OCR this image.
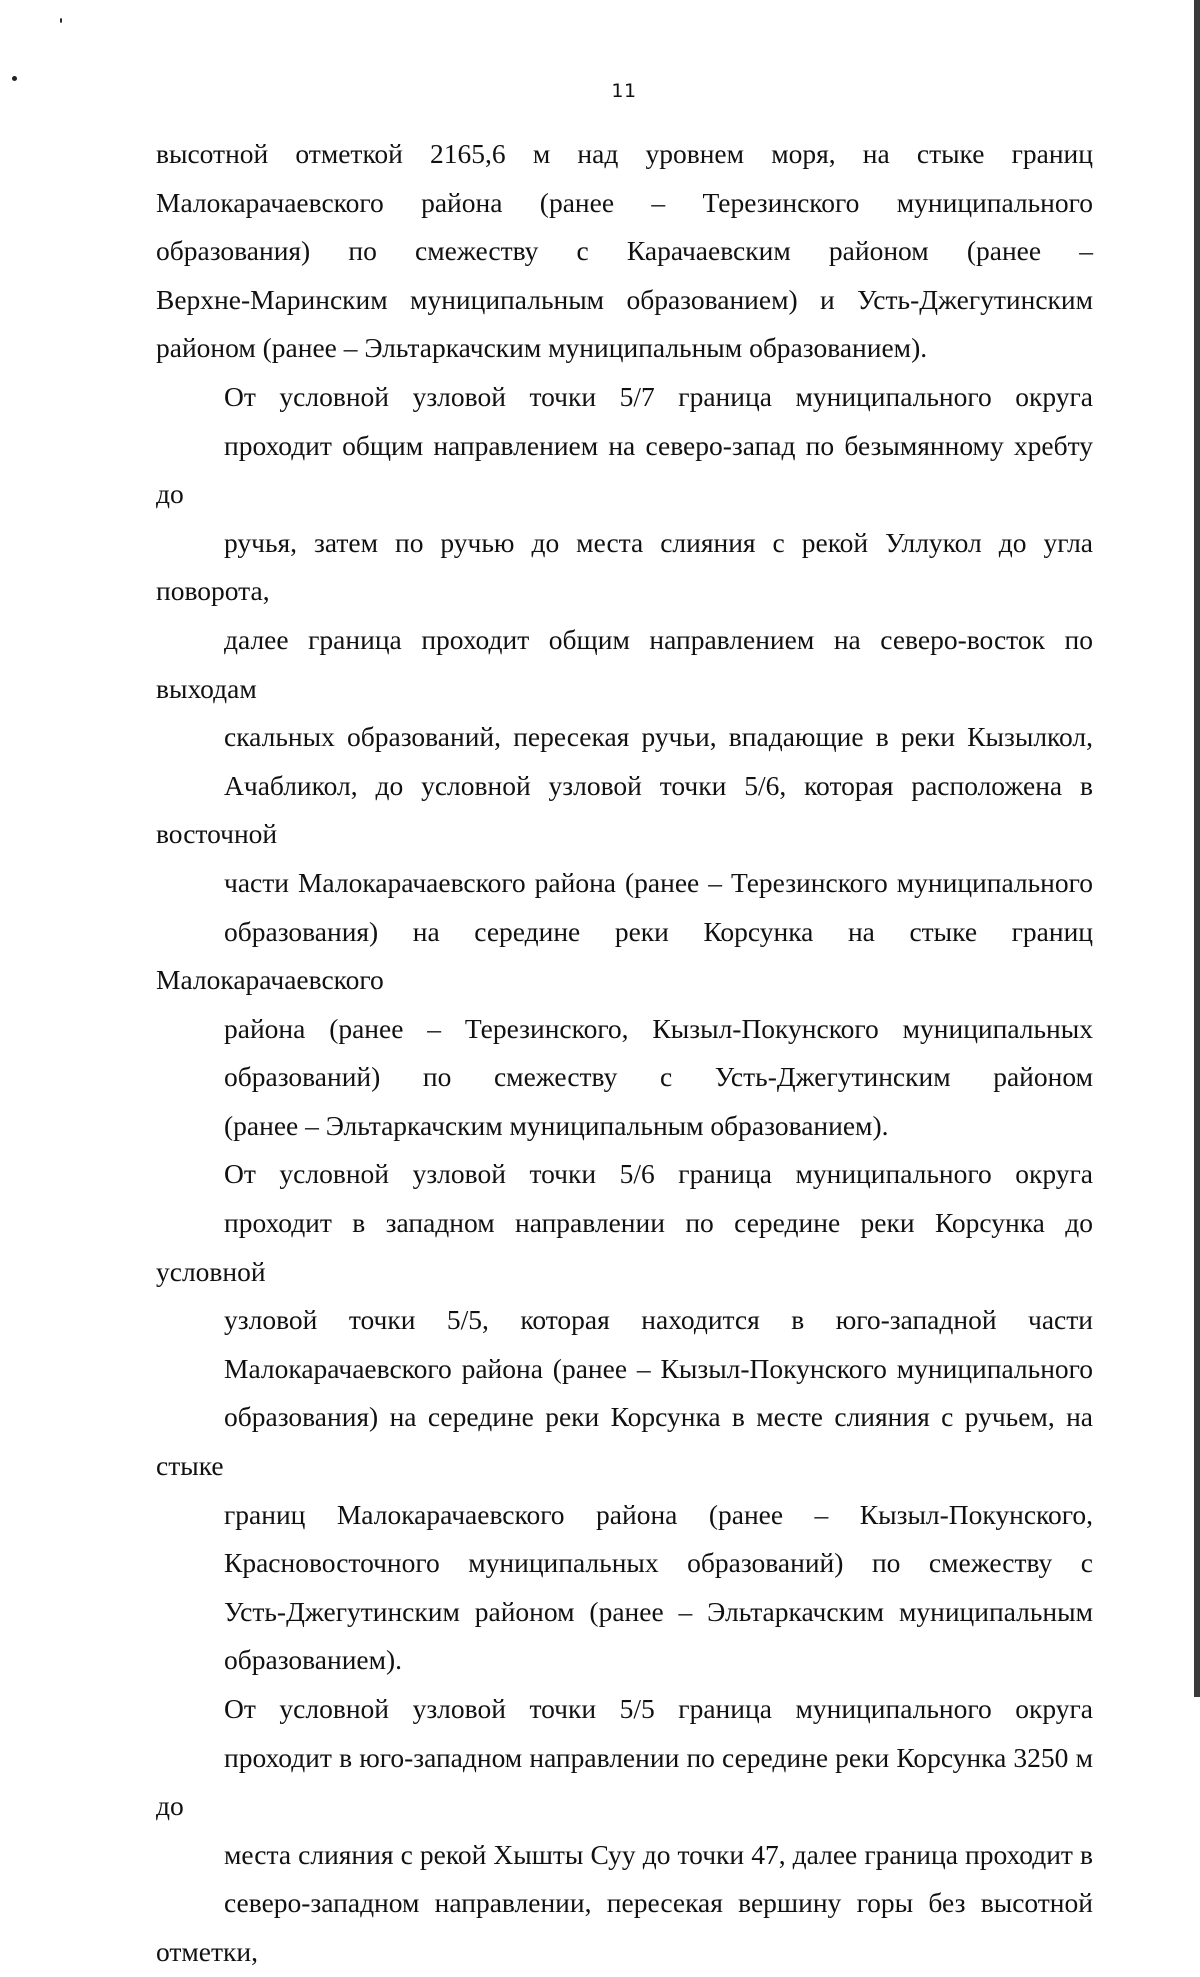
11
высотной отметкой 2165,6 м над уровнем моря, на стыке границ
Малокарачаевского района (ранее – Терезинского муниципального
образования) по смежеству с Карачаевским районом (ранее –
Верхне-Маринским муниципальным образованием) и Усть-Джегутинским
районом (ранее – Эльтаркачским муниципальным образованием).
От условной узловой точки 5/7 граница муниципального округа
проходит общим направлением на северо-запад по безымянному хребту до
ручья, затем по ручью до места слияния с рекой Уллукол до угла поворота,
далее граница проходит общим направлением на северо-восток по выходам
скальных образований, пересекая ручьи, впадающие в реки Кызылкол,
Ачабликол, до условной узловой точки 5/6, которая расположена в восточной
части Малокарачаевского района (ранее – Терезинского муниципального
образования) на середине реки Корсунка на стыке границ Малокарачаевского
района (ранее – Терезинского, Кызыл-Покунского муниципальных
образований) по смежеству с Усть-Джегутинским районом
(ранее – Эльтаркачским муниципальным образованием).
От условной узловой точки 5/6 граница муниципального округа
проходит в западном направлении по середине реки Корсунка до условной
узловой точки 5/5, которая находится в юго-западной части
Малокарачаевского района (ранее – Кызыл-Покунского муниципального
образования) на середине реки Корсунка в месте слияния с ручьем, на стыке
границ Малокарачаевского района (ранее – Кызыл-Покунского,
Красновосточного муниципальных образований) по смежеству с
Усть-Джегутинским районом (ранее – Эльтаркачским муниципальным
образованием).
От условной узловой точки 5/5 граница муниципального округа
проходит в юго-западном направлении по середине реки Корсунка 3250 м до
места слияния с рекой Хышты Суу до точки 47, далее граница проходит в
северо-западном направлении, пересекая вершину горы без высотной отметки,
